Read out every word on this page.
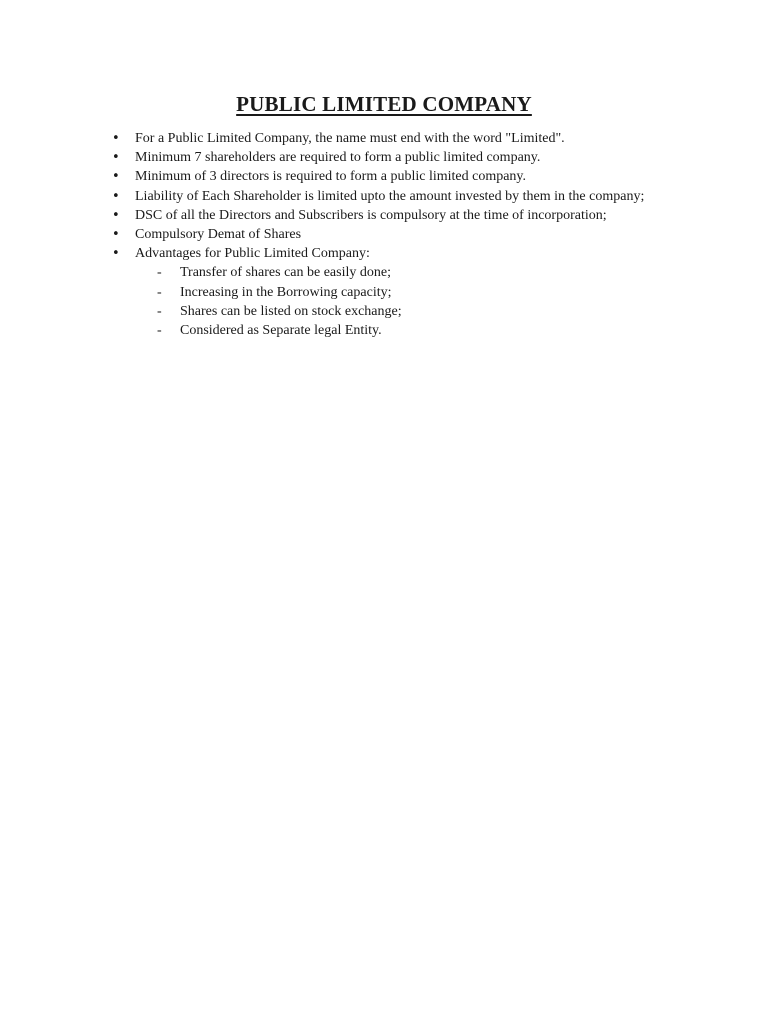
PUBLIC LIMITED COMPANY
• For a Public Limited Company, the name must end with the word "Limited".
• Minimum 7 shareholders are required to form a public limited company.
• Minimum of 3 directors is required to form a public limited company.
• Liability of Each Shareholder is limited upto the amount invested by them in the company;
• DSC of all the Directors and Subscribers is compulsory at the time of incorporation;
• Compulsory Demat of Shares
• Advantages for Public Limited Company:
- Transfer of shares can be easily done;
- Increasing in the Borrowing capacity;
- Shares can be listed on stock exchange;
- Considered as Separate legal Entity.
